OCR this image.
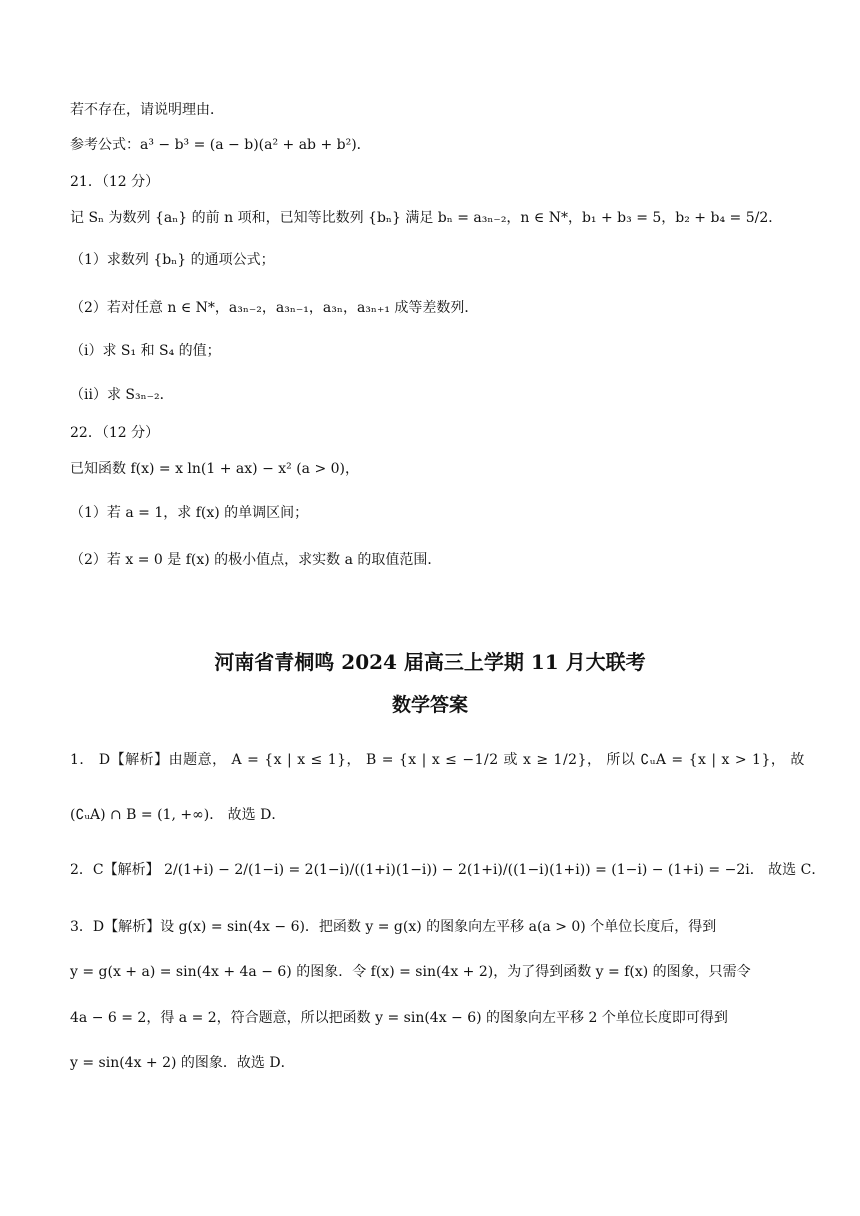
若不存在，请说明理由．
参考公式：a³ − b³ = (a − b)(a² + ab + b²)．
21．（12 分）
记 Sₙ 为数列 {aₙ} 的前 n 项和，已知等比数列 {bₙ} 满足 bₙ = a₃ₙ₋₂，n ∈ N*，b₁ + b₃ = 5，b₂ + b₄ = 5/2．
（1）求数列 {bₙ} 的通项公式；
（2）若对任意 n ∈ N*，a₃ₙ₋₂，a₃ₙ₋₁，a₃ₙ，a₃ₙ₊₁ 成等差数列．
（ⅰ）求 S₁ 和 S₄ 的值；
（ⅱ）求 S₃ₙ₋₂．
22．（12 分）
已知函数 f(x) = x ln(1 + ax) − x² (a > 0)，
（1）若 a = 1，求 f(x) 的单调区间；
（2）若 x = 0 是 f(x) 的极小值点，求实数 a 的取值范围．
河南省青桐鸣 2024 届高三上学期 11 月大联考
数学答案
1． D【解析】由题意， A = {x | x ≤ 1}， B = {x | x ≤ −1/2 或 x ≥ 1/2}， 所以 ∁ᵤA = {x | x > 1}， 故
(∁ᵤA) ∩ B = (1, +∞)． 故选 D．
2．C【解析】 2/(1+i) − 2/(1−i) = 2(1−i)/((1+i)(1−i)) − 2(1+i)/((1−i)(1+i)) = (1−i) − (1+i) = −2i． 故选 C．
3．D【解析】设 g(x) = sin(4x − 6)．把函数 y = g(x) 的图象向左平移 a(a > 0) 个单位长度后，得到
y = g(x + a) = sin(4x + 4a − 6) 的图象．令 f(x) = sin(4x + 2)，为了得到函数 y = f(x) 的图象，只需令
4a − 6 = 2，得 a = 2，符合题意，所以把函数 y = sin(4x − 6) 的图象向左平移 2 个单位长度即可得到
y = sin(4x + 2) 的图象．故选 D．
